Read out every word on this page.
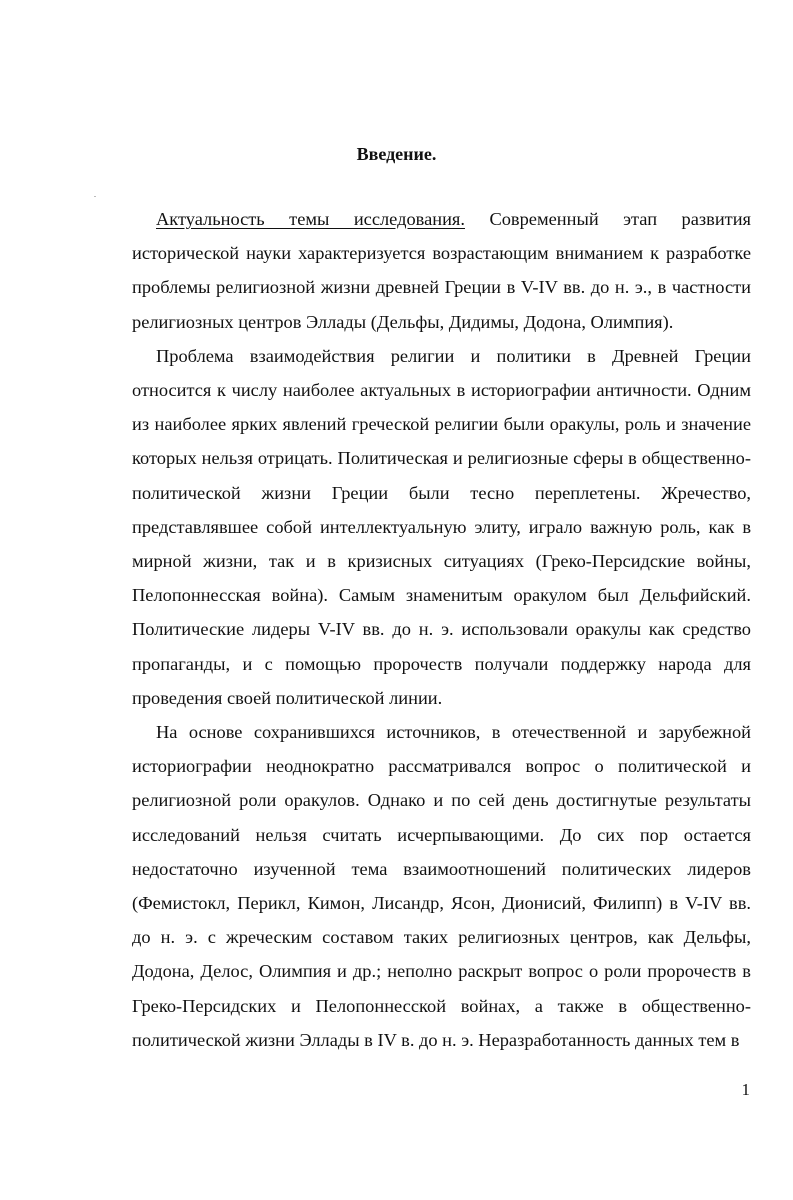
Введение.

Актуальность темы исследования. Современный этап развития исторической науки характеризуется возрастающим вниманием к разработке проблемы религиозной жизни древней Греции в V-IV вв. до н. э., в частности религиозных центров Эллады (Дельфы, Дидимы, Додона, Олимпия).

Проблема взаимодействия религии и политики в Древней Греции относится к числу наиболее актуальных в историографии античности. Одним из наиболее ярких явлений греческой религии были оракулы, роль и значение которых нельзя отрицать. Политическая и религиозные сферы в общественно-политической жизни Греции были тесно переплетены. Жречество, представлявшее собой интеллектуальную элиту, играло важную роль, как в мирной жизни, так и в кризисных ситуациях (Греко-Персидские войны, Пелопоннесская война). Самым знаменитым оракулом был Дельфийский. Политические лидеры V-IV вв. до н. э. использовали оракулы как средство пропаганды, и с помощью пророчеств получали поддержку народа для проведения своей политической линии.

На основе сохранившихся источников, в отечественной и зарубежной историографии неоднократно рассматривался вопрос о политической и религиозной роли оракулов. Однако и по сей день достигнутые результаты исследований нельзя считать исчерпывающими. До сих пор остается недостаточно изученной тема взаимоотношений политических лидеров (Фемистокл, Перикл, Кимон, Лисандр, Ясон, Дионисий, Филипп) в V-IV вв. до н. э. с жреческим составом таких религиозных центров, как Дельфы, Додона, Делос, Олимпия и др.; неполно раскрыт вопрос о роли пророчеств в Греко-Персидских и Пелопоннесской войнах, а также в общественно-политической жизни Эллады в IV в. до н. э. Неразработанность данных тем в

1
